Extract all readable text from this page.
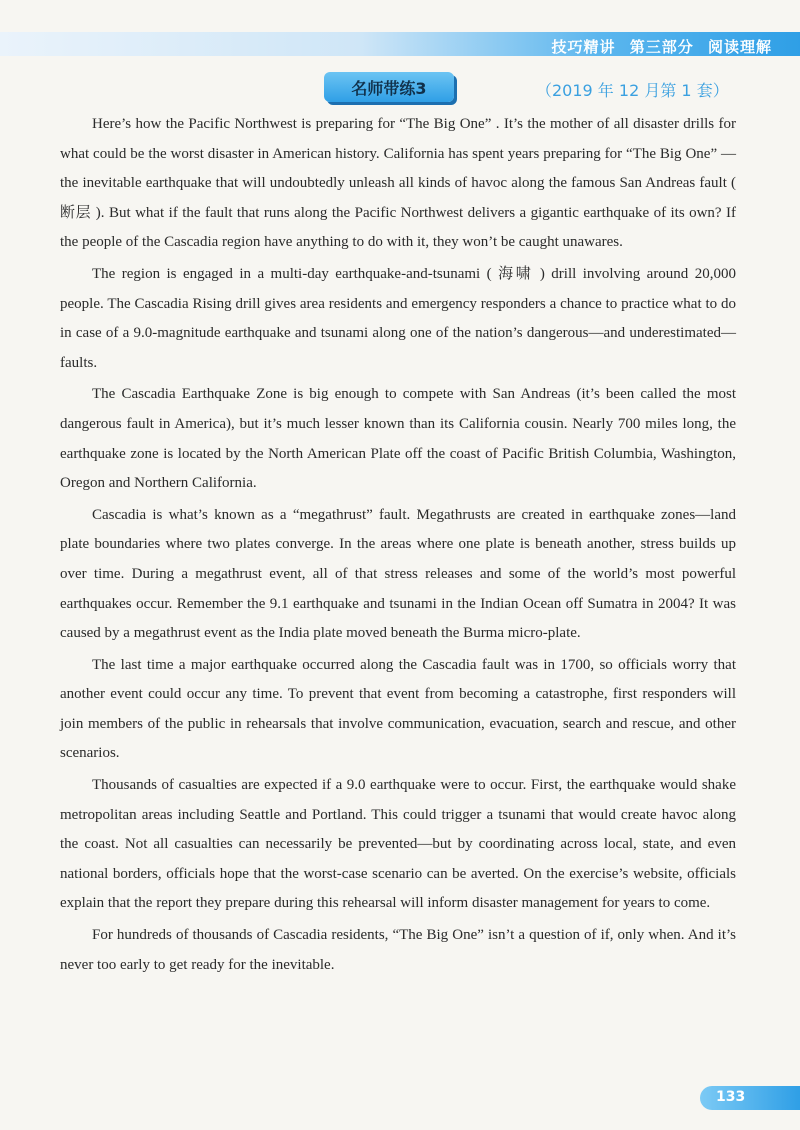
技巧精讲 第三部分 阅读理解
名师带练3	（2019 年 12 月第 1 套）

Here’s how the Pacific Northwest is preparing for “The Big One” . It’s the mother of all disaster drills for what could be the worst disaster in American history. California has spent years preparing for “The Big One” —the inevitable earthquake that will undoubtedly unleash all kinds of havoc along the famous San Andreas fault ( 断层 ). But what if the fault that runs along the Pacific Northwest delivers a gigantic earthquake of its own? If the people of the Cascadia region have anything to do with it, they won’t be caught unawares.

The region is engaged in a multi-day earthquake-and-tsunami ( 海啸 ) drill involving around 20,000 people. The Cascadia Rising drill gives area residents and emergency responders a chance to practice what to do in case of a 9.0-magnitude earthquake and tsunami along one of the nation’s dangerous—and underestimated—faults.

The Cascadia Earthquake Zone is big enough to compete with San Andreas (it’s been called the most dangerous fault in America), but it’s much lesser known than its California cousin. Nearly 700 miles long, the earthquake zone is located by the North American Plate off the coast of Pacific British Columbia, Washington, Oregon and Northern California.

Cascadia is what’s known as a “megathrust” fault. Megathrusts are created in earthquake zones—land plate boundaries where two plates converge. In the areas where one plate is beneath another, stress builds up over time. During a megathrust event, all of that stress releases and some of the world’s most powerful earthquakes occur. Remember the 9.1 earthquake and tsunami in the Indian Ocean off Sumatra in 2004? It was caused by a megathrust event as the India plate moved beneath the Burma micro-plate.

The last time a major earthquake occurred along the Cascadia fault was in 1700, so officials worry that another event could occur any time. To prevent that event from becoming a catastrophe, first responders will join members of the public in rehearsals that involve communication, evacuation, search and rescue, and other scenarios.

Thousands of casualties are expected if a 9.0 earthquake were to occur. First, the earthquake would shake metropolitan areas including Seattle and Portland. This could trigger a tsunami that would create havoc along the coast. Not all casualties can necessarily be prevented—but by coordinating across local, state, and even national borders, officials hope that the worst-case scenario can be averted. On the exercise’s website, officials explain that the report they prepare during this rehearsal will inform disaster management for years to come.

For hundreds of thousands of Cascadia residents, “The Big One” isn’t a question of if, only when. And it’s never too early to get ready for the inevitable.

133
